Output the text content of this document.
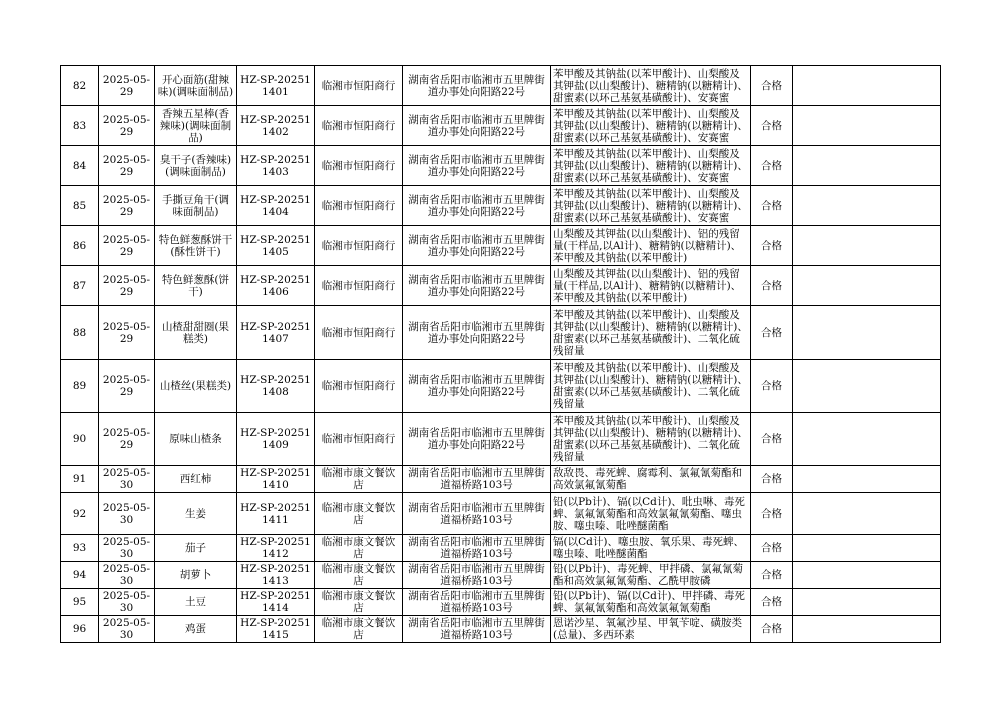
82	2025-05-29	开心面筋(甜辣味)(调味面制品)	HZ-SP-202511401	临湘市恒阳商行	湖南省岳阳市临湘市五里牌街道办事处向阳路22号	苯甲酸及其钠盐(以苯甲酸计)、山梨酸及其钾盐(以山梨酸计)、糖精钠(以糖精计)、甜蜜素(以环己基氨基磺酸计)、安赛蜜	合格	

83	2025-05-29	香辣五星棒(香辣味)(调味面制品)	HZ-SP-202511402	临湘市恒阳商行	湖南省岳阳市临湘市五里牌街道办事处向阳路22号	苯甲酸及其钠盐(以苯甲酸计)、山梨酸及其钾盐(以山梨酸计)、糖精钠(以糖精计)、甜蜜素(以环己基氨基磺酸计)、安赛蜜	合格	

84	2025-05-29	臭干子(香辣味)(调味面制品)	HZ-SP-202511403	临湘市恒阳商行	湖南省岳阳市临湘市五里牌街道办事处向阳路22号	苯甲酸及其钠盐(以苯甲酸计)、山梨酸及其钾盐(以山梨酸计)、糖精钠(以糖精计)、甜蜜素(以环己基氨基磺酸计)、安赛蜜	合格	

85	2025-05-29	手撕豆角干(调味面制品)	HZ-SP-202511404	临湘市恒阳商行	湖南省岳阳市临湘市五里牌街道办事处向阳路22号	苯甲酸及其钠盐(以苯甲酸计)、山梨酸及其钾盐(以山梨酸计)、糖精钠(以糖精计)、甜蜜素(以环己基氨基磺酸计)、安赛蜜	合格	

86	2025-05-29	特色鲜葱酥饼干(酥性饼干)	HZ-SP-202511405	临湘市恒阳商行	湖南省岳阳市临湘市五里牌街道办事处向阳路22号	山梨酸及其钾盐(以山梨酸计)、铝的残留量(干样品,以Al计)、糖精钠(以糖精计)、苯甲酸及其钠盐(以苯甲酸计)	合格	

87	2025-05-29	特色鲜葱酥(饼干)	HZ-SP-202511406	临湘市恒阳商行	湖南省岳阳市临湘市五里牌街道办事处向阳路22号	山梨酸及其钾盐(以山梨酸计)、铝的残留量(干样品,以Al计)、糖精钠(以糖精计)、苯甲酸及其钠盐(以苯甲酸计)	合格	

88	2025-05-29	山楂甜甜圈(果糕类)	HZ-SP-202511407	临湘市恒阳商行	湖南省岳阳市临湘市五里牌街道办事处向阳路22号	苯甲酸及其钠盐(以苯甲酸计)、山梨酸及其钾盐(以山梨酸计)、糖精钠(以糖精计)、甜蜜素(以环己基氨基磺酸计)、二氧化硫残留量	合格	

89	2025-05-29	山楂丝(果糕类)	HZ-SP-202511408	临湘市恒阳商行	湖南省岳阳市临湘市五里牌街道办事处向阳路22号	苯甲酸及其钠盐(以苯甲酸计)、山梨酸及其钾盐(以山梨酸计)、糖精钠(以糖精计)、甜蜜素(以环己基氨基磺酸计)、二氧化硫残留量	合格	

90	2025-05-29	原味山楂条	HZ-SP-202511409	临湘市恒阳商行	湖南省岳阳市临湘市五里牌街道办事处向阳路22号	苯甲酸及其钠盐(以苯甲酸计)、山梨酸及其钾盐(以山梨酸计)、糖精钠(以糖精计)、甜蜜素(以环己基氨基磺酸计)、二氧化硫残留量	合格	

91	2025-05-30	西红柿	HZ-SP-202511410	临湘市康文餐饮店	湖南省岳阳市临湘市五里牌街道福桥路103号	敌敌畏、毒死蜱、腐霉利、氯氟氰菊酯和高效氯氟氰菊酯	合格	

92	2025-05-30	生姜	HZ-SP-202511411	临湘市康文餐饮店	湖南省岳阳市临湘市五里牌街道福桥路103号	铅(以Pb计)、镉(以Cd计)、吡虫啉、毒死蜱、氯氟氰菊酯和高效氯氟氰菊酯、噻虫胺、噻虫嗪、吡唑醚菌酯	合格	

93	2025-05-30	茄子	HZ-SP-202511412	临湘市康文餐饮店	湖南省岳阳市临湘市五里牌街道福桥路103号	镉(以Cd计)、噻虫胺、氧乐果、毒死蜱、噻虫嗪、吡唑醚菌酯	合格	

94	2025-05-30	胡萝卜	HZ-SP-202511413	临湘市康文餐饮店	湖南省岳阳市临湘市五里牌街道福桥路103号	铅(以Pb计)、毒死蜱、甲拌磷、氯氟氰菊酯和高效氯氟氰菊酯、乙酰甲胺磷	合格	

95	2025-05-30	土豆	HZ-SP-202511414	临湘市康文餐饮店	湖南省岳阳市临湘市五里牌街道福桥路103号	铅(以Pb计)、镉(以Cd计)、甲拌磷、毒死蜱、氯氟氰菊酯和高效氯氟氰菊酯	合格	

96	2025-05-30	鸡蛋	HZ-SP-202511415	临湘市康文餐饮店	湖南省岳阳市临湘市五里牌街道福桥路103号	恩诺沙星、氧氟沙星、甲氧苄啶、磺胺类(总量)、多西环素	合格	
